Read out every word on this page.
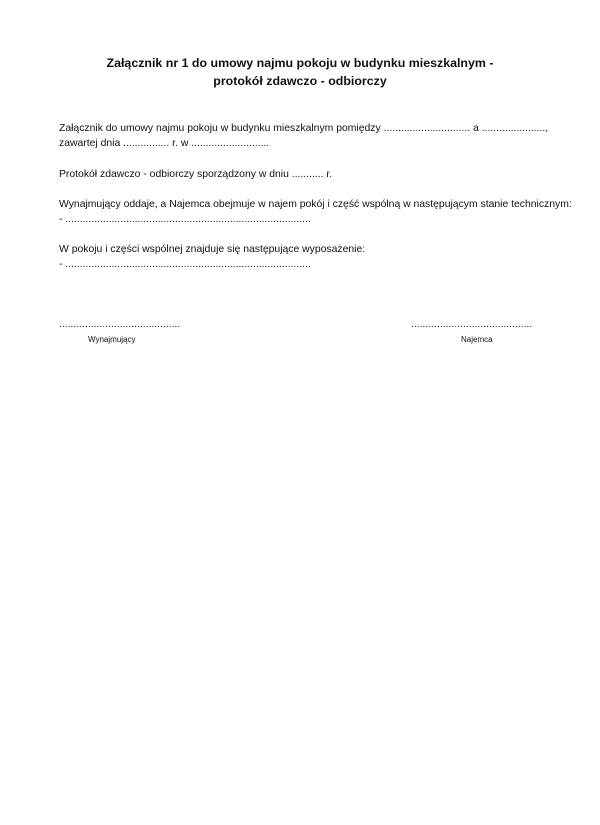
Załącznik nr 1 do umowy najmu pokoju w budynku mieszkalnym -
protokół zdawczo - odbiorczy
Załącznik do umowy najmu pokoju w budynku mieszkalnym pomiędzy .............................. a ......................,
zawartej dnia ................ r. w ...........................
Protokół zdawczo - odbiorczy sporządzony w dniu ........... r.
Wynajmujący oddaje, a Najemca obejmuje w najem pokój i część wspólną w następującym stanie technicznym:
- .....................................................................................
W pokoju i części wspólnej znajduje się następujące wyposażenie:
- .....................................................................................
..........................................	..........................................
Wynajmujący	Najemca
